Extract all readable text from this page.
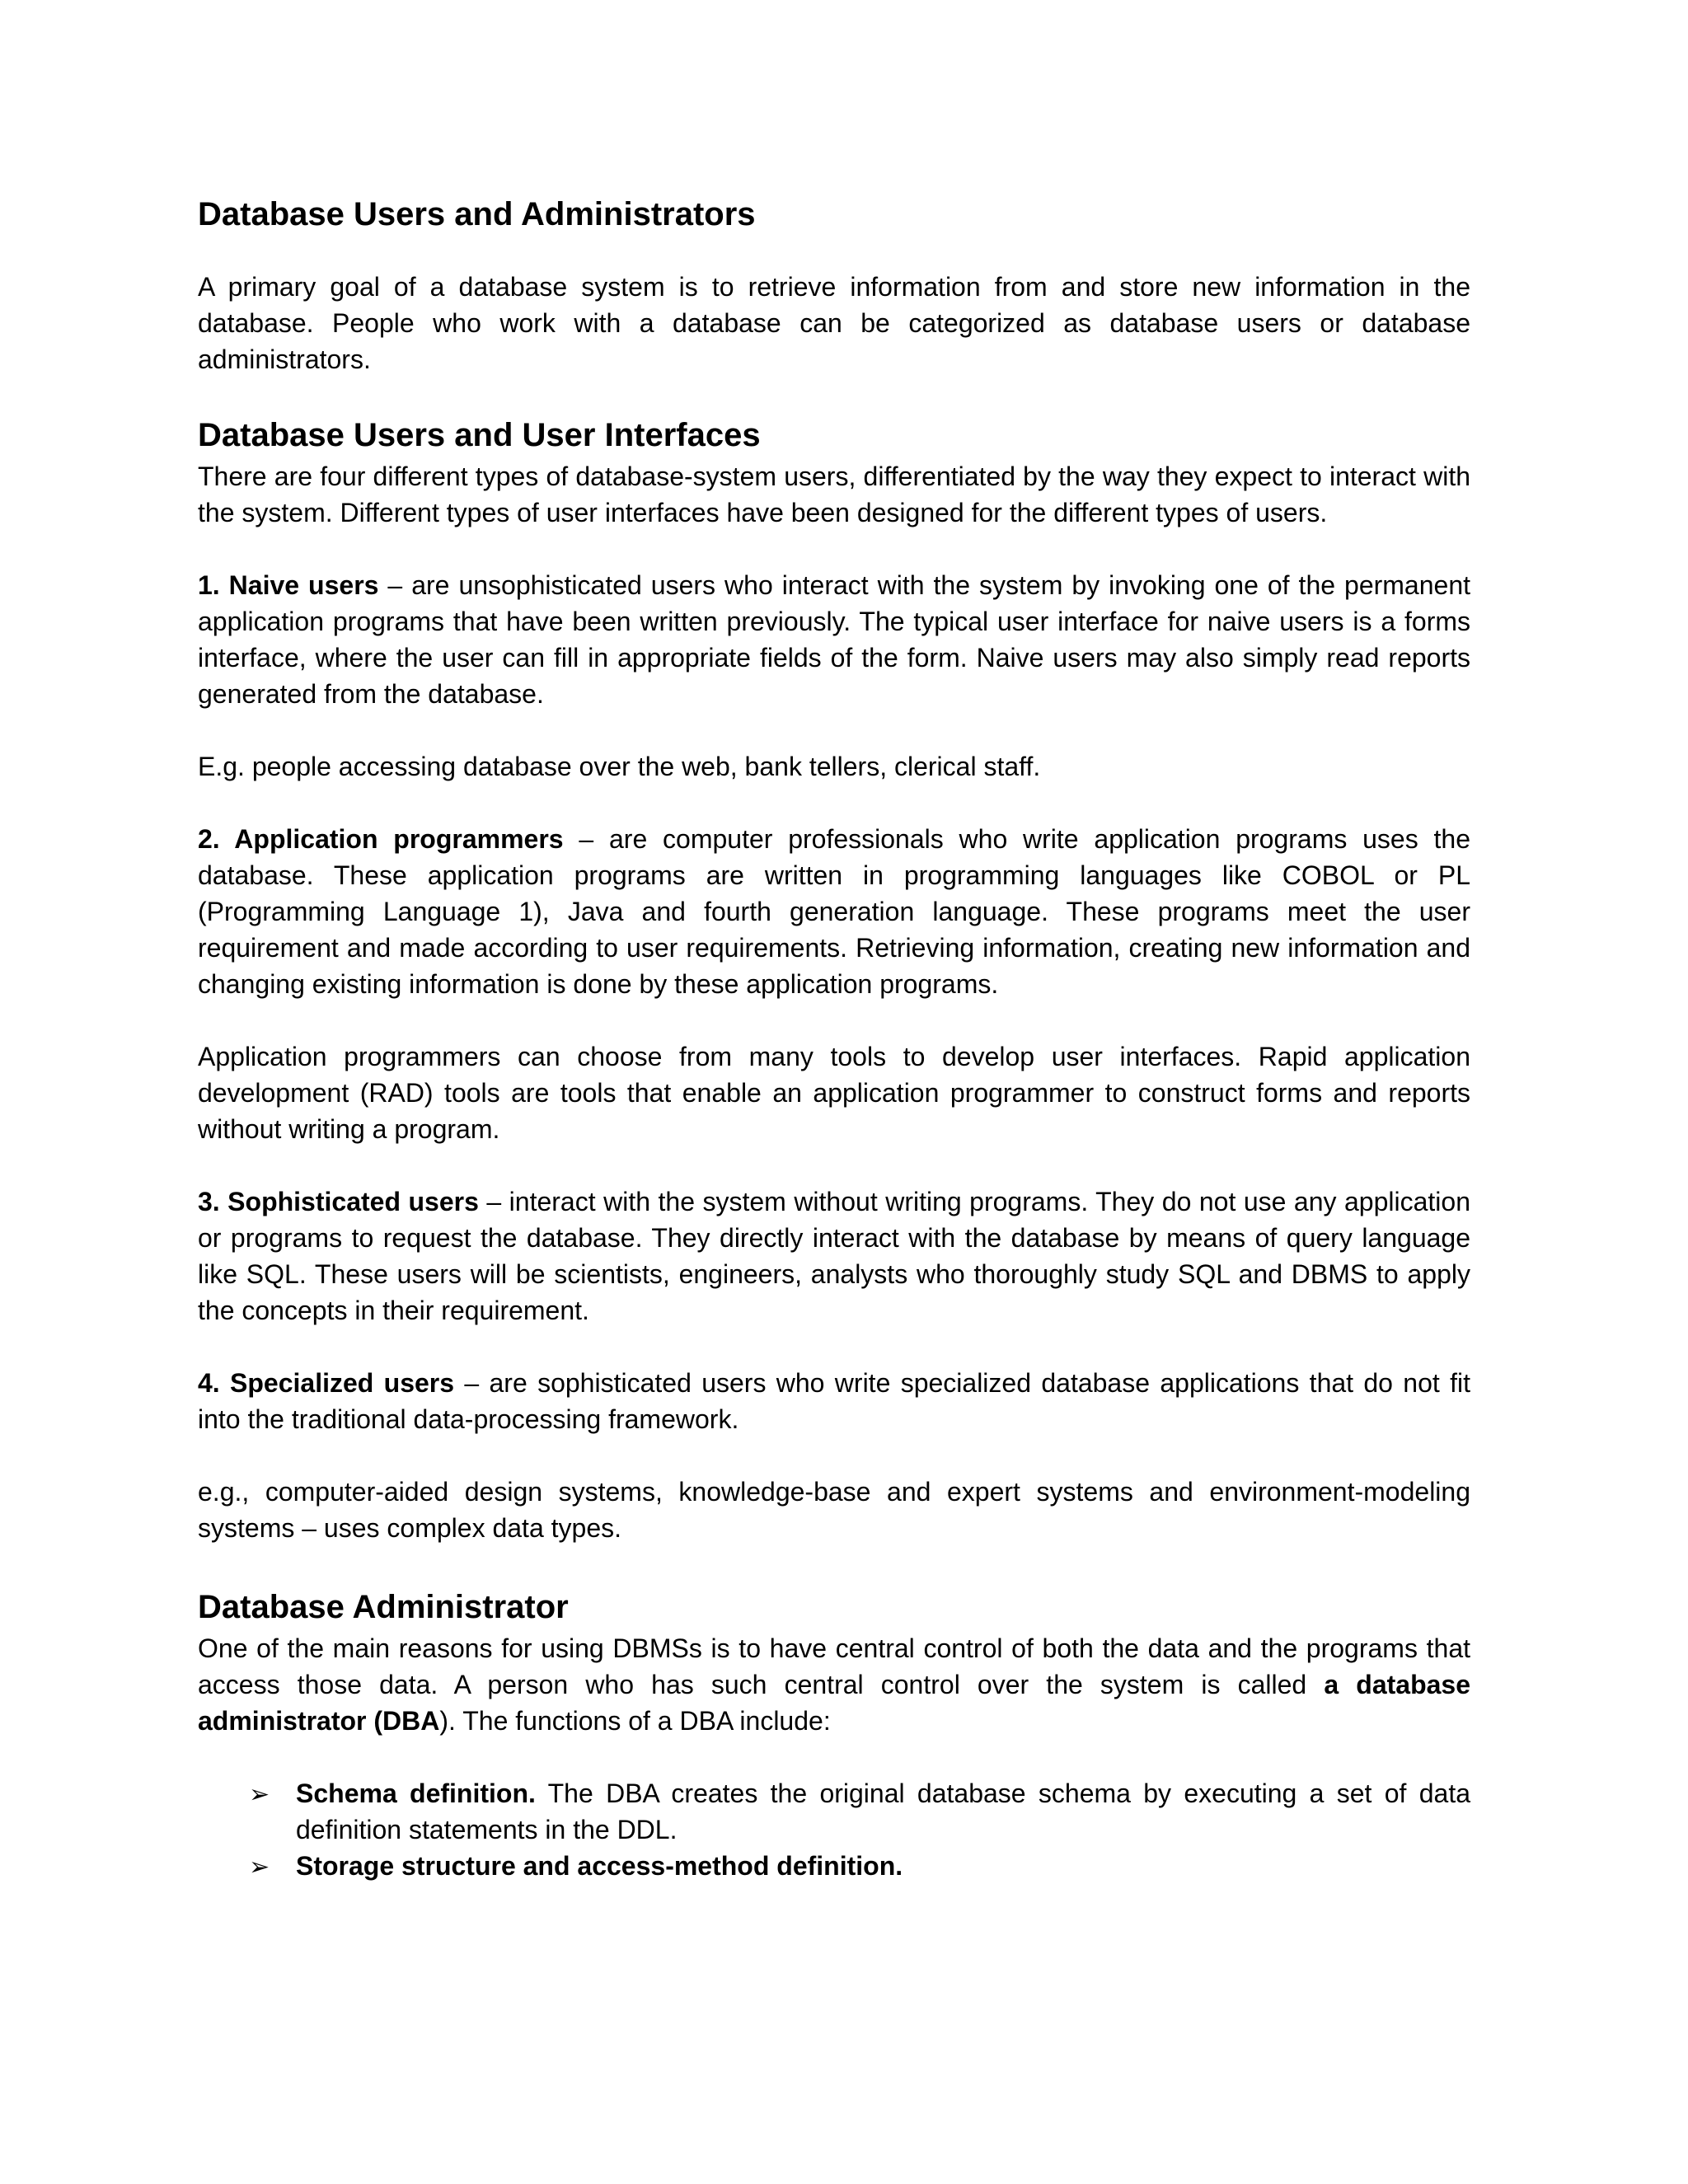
Database Users and Administrators

A primary goal of a database system is to retrieve information from and store new information in the database. People who work with a database can be categorized as database users or database administrators.

Database Users and User Interfaces

There are four different types of database-system users, differentiated by the way they expect to interact with the system. Different types of user interfaces have been designed for the different types of users.

1. Naive users – are unsophisticated users who interact with the system by invoking one of the permanent application programs that have been written previously. The typical user interface for naive users is a forms interface, where the user can fill in appropriate fields of the form. Naive users may also simply read reports generated from the database.

E.g. people accessing database over the web, bank tellers, clerical staff.

2. Application programmers – are computer professionals who write application programs uses the database. These application programs are written in programming languages like COBOL or PL (Programming Language 1), Java and fourth generation language. These programs meet the user requirement and made according to user requirements. Retrieving information, creating new information and changing existing information is done by these application programs.

Application programmers can choose from many tools to develop user interfaces. Rapid application development (RAD) tools are tools that enable an application programmer to construct forms and reports without writing a program.

3. Sophisticated users – interact with the system without writing programs. They do not use any application or programs to request the database. They directly interact with the database by means of query language like SQL. These users will be scientists, engineers, analysts who thoroughly study SQL and DBMS to apply the concepts in their requirement.

4. Specialized users – are sophisticated users who write specialized database applications that do not fit into the traditional data-processing framework.

e.g., computer-aided design systems, knowledge-base and expert systems and environment-modeling systems – uses complex data types.

Database Administrator

One of the main reasons for using DBMSs is to have central control of both the data and the programs that access those data. A person who has such central control over the system is called a database administrator (DBA). The functions of a DBA include:

➢ Schema definition. The DBA creates the original database schema by executing a set of data definition statements in the DDL.
➢ Storage structure and access-method definition.
